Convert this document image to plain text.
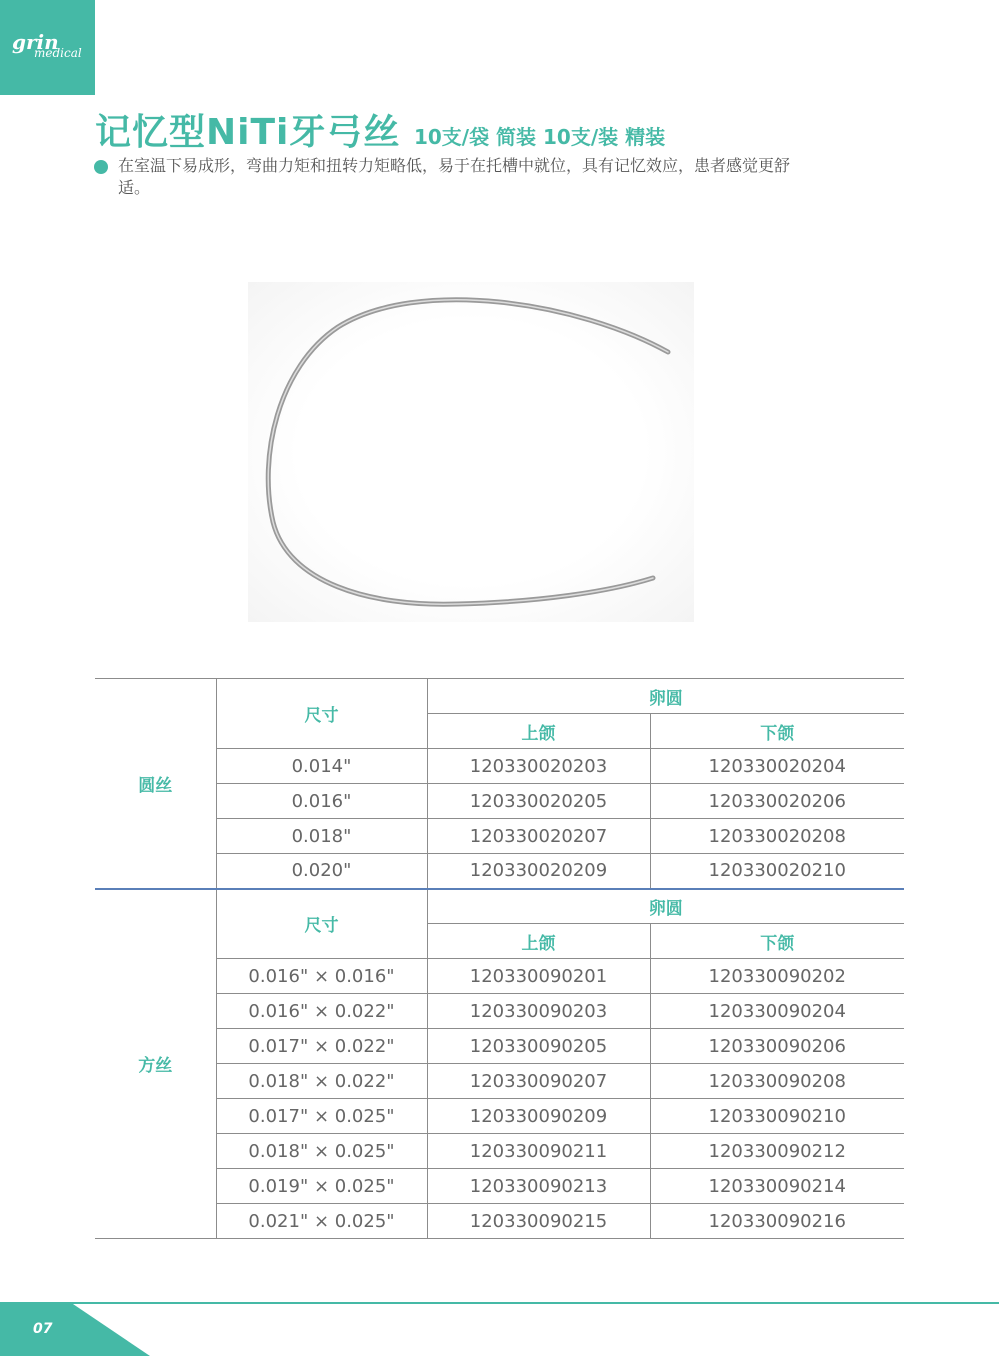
grin
medical
记忆型NiTi牙弓丝 10支/袋 简装 10支/装 精装
在室温下易成形，弯曲力矩和扭转力矩略低，易于在托槽中就位，具有记忆效应，患者感觉更舒适。
圆丝	尺寸	卵圆	
		上颌	下颌
	0.014"	120330020203	120330020204
	0.016"	120330020205	120330020206
	0.018"	120330020207	120330020208
	0.020"	120330020209	120330020210
方丝	尺寸	卵圆	
		上颌	下颌
	0.016" × 0.016"	120330090201	120330090202
	0.016" × 0.022"	120330090203	120330090204
	0.017" × 0.022"	120330090205	120330090206
	0.018" × 0.022"	120330090207	120330090208
	0.017" × 0.025"	120330090209	120330090210
	0.018" × 0.025"	120330090211	120330090212
	0.019" × 0.025"	120330090213	120330090214
	0.021" × 0.025"	120330090215	120330090216
07
